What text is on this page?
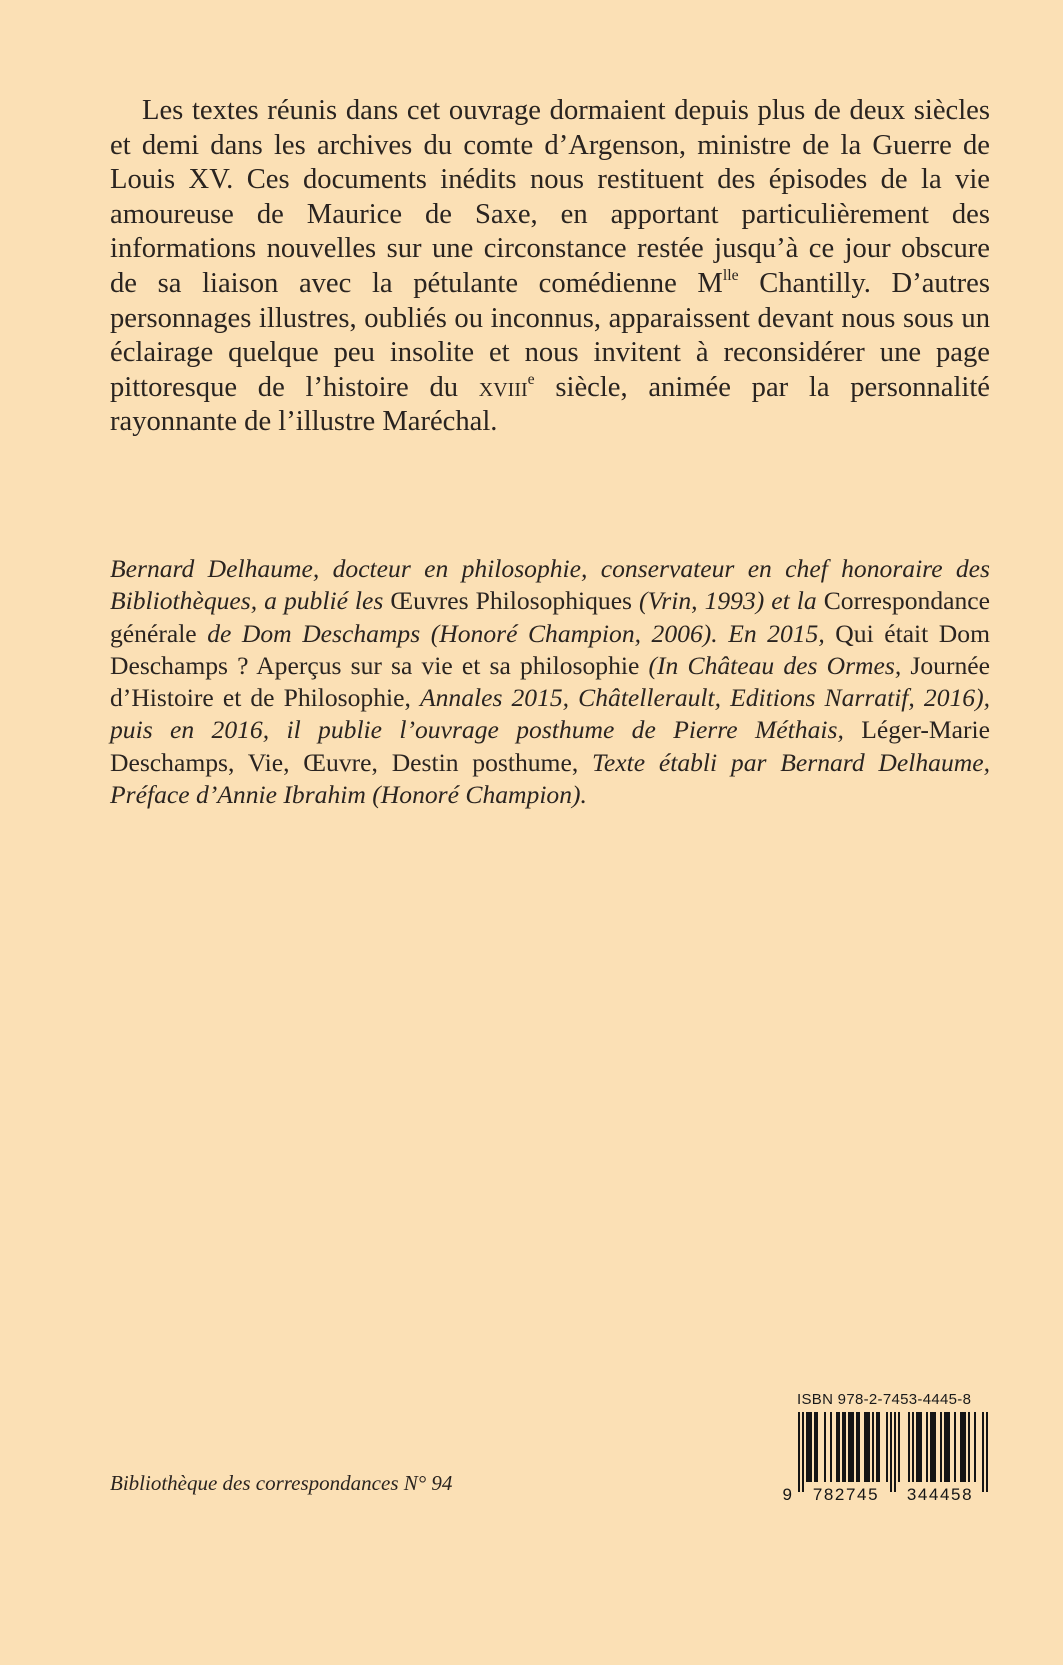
Les textes réunis dans cet ouvrage dormaient depuis plus de deux siècles et demi dans les archives du comte d’Argenson, ministre de la Guerre de Louis XV. Ces documents inédits nous restituent des épisodes de la vie amoureuse de Maurice de Saxe, en apportant particulièrement des informations nouvelles sur une circonstance restée jusqu’à ce jour obscure de sa liaison avec la pétulante comédienne $M^{lle}$ Chantilly. D’autres personnages illustres, oubliés ou inconnus, apparaissent devant nous sous un éclairage quelque peu insolite et nous invitent à reconsidérer une page pittoresque de l’histoire du xviii$^e$ siècle, animée par la personnalité rayonnante de l’illustre Maréchal.

Bernard Delhaume, docteur en philosophie, conservateur en chef honoraire des Bibliothèques, a publié les Œuvres Philosophiques (Vrin, 1993) et la Correspondance générale de Dom Deschamps (Honoré Champion, 2006). En 2015, Qui était Dom Deschamps ? Aperçus sur sa vie et sa philosophie (In Château des Ormes, Journée d’Histoire et de Philosophie, Annales 2015, Châtellerault, Editions Narratif, 2016), puis en 2016, il publie l’ouvrage posthume de Pierre Méthais, Léger-Marie Deschamps, Vie, Œuvre, Destin posthume, Texte établi par Bernard Delhaume, Préface d’Annie Ibrahim (Honoré Champion).

Bibliothèque des correspondances N° 94

ISBN 978-2-7453-4445-8
9 782745 344458
